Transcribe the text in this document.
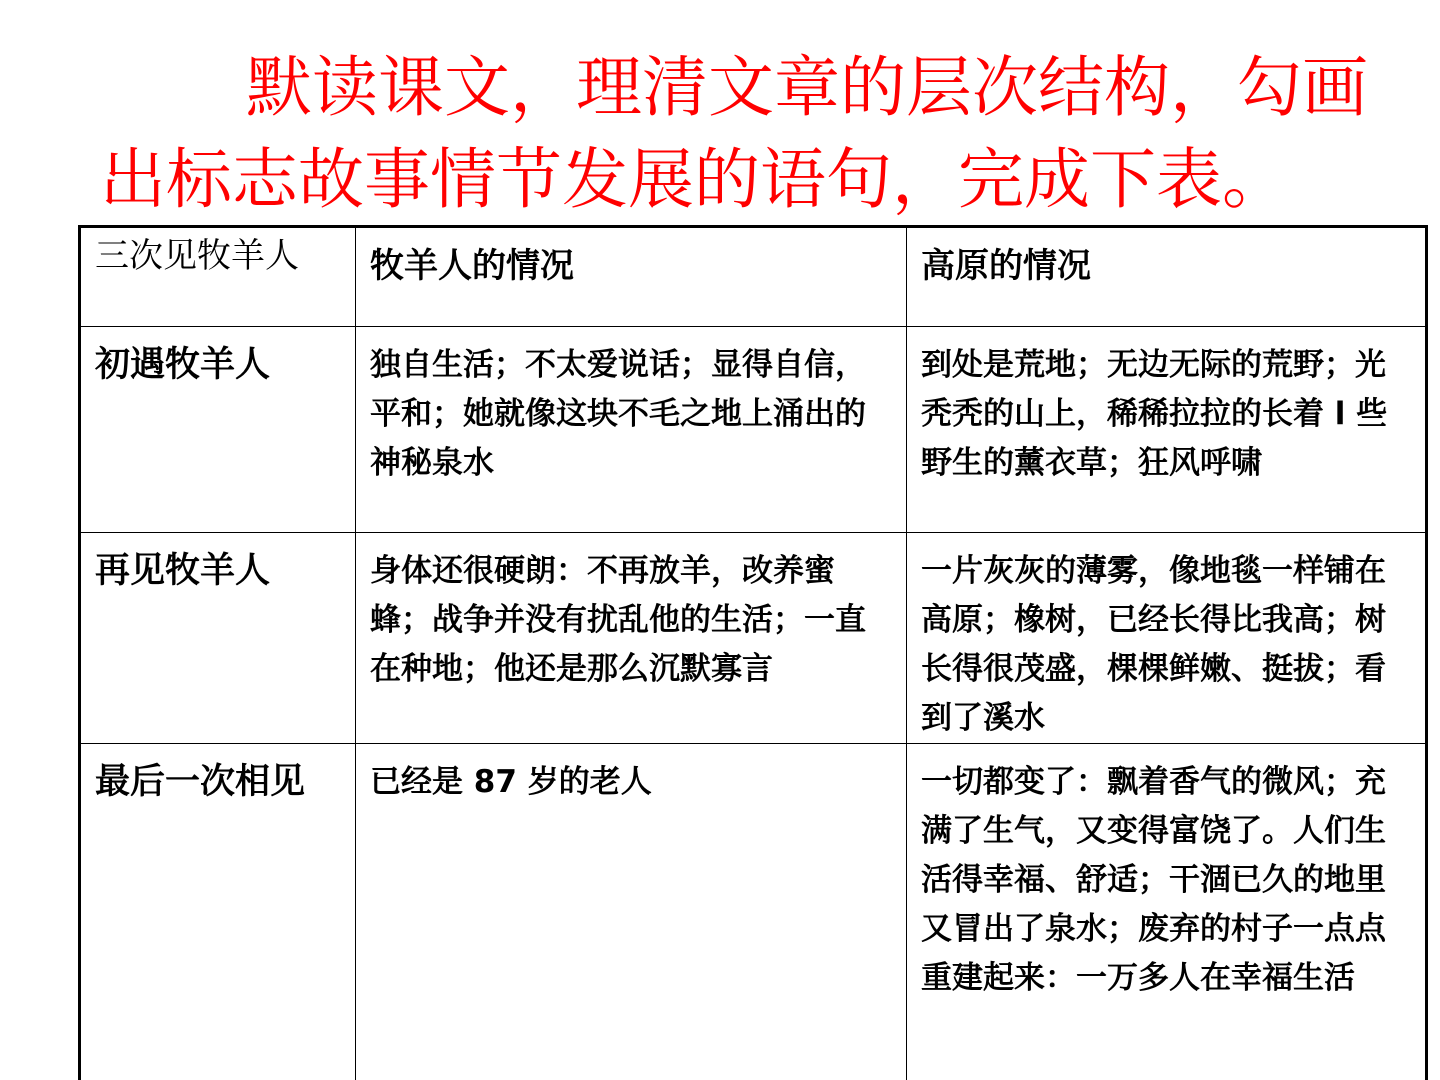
默读课文，理清文章的层次结构，勾画
出标志故事情节发展的语句，完成下表。
三次见牧羊人	牧羊人的情况	高原的情况
初遇牧羊人	独自生活；不太爱说话；显得自信，平和；她就像这块不毛之地上涌出的神秘泉水	到处是荒地；无边无际的荒野；光秃秃的山上，稀稀拉拉的长着 l 些野生的薰衣草；狂风呼啸
再见牧羊人	身体还很硬朗：不再放羊，改养蜜蜂；战争并没有扰乱他的生活；一直在种地；他还是那么沉默寡言	一片灰灰的薄雾，像地毯一样铺在高原；橡树，已经长得比我高；树长得很茂盛，棵棵鲜嫩、挺拔；看到了溪水
最后一次相见	已经是 87 岁的老人	一切都变了：飘着香气的微风；充满了生气，又变得富饶了。人们生活得幸福、舒适；干涸已久的地里又冒出了泉水；废弃的村子一点点重建起来：一万多人在幸福生活
